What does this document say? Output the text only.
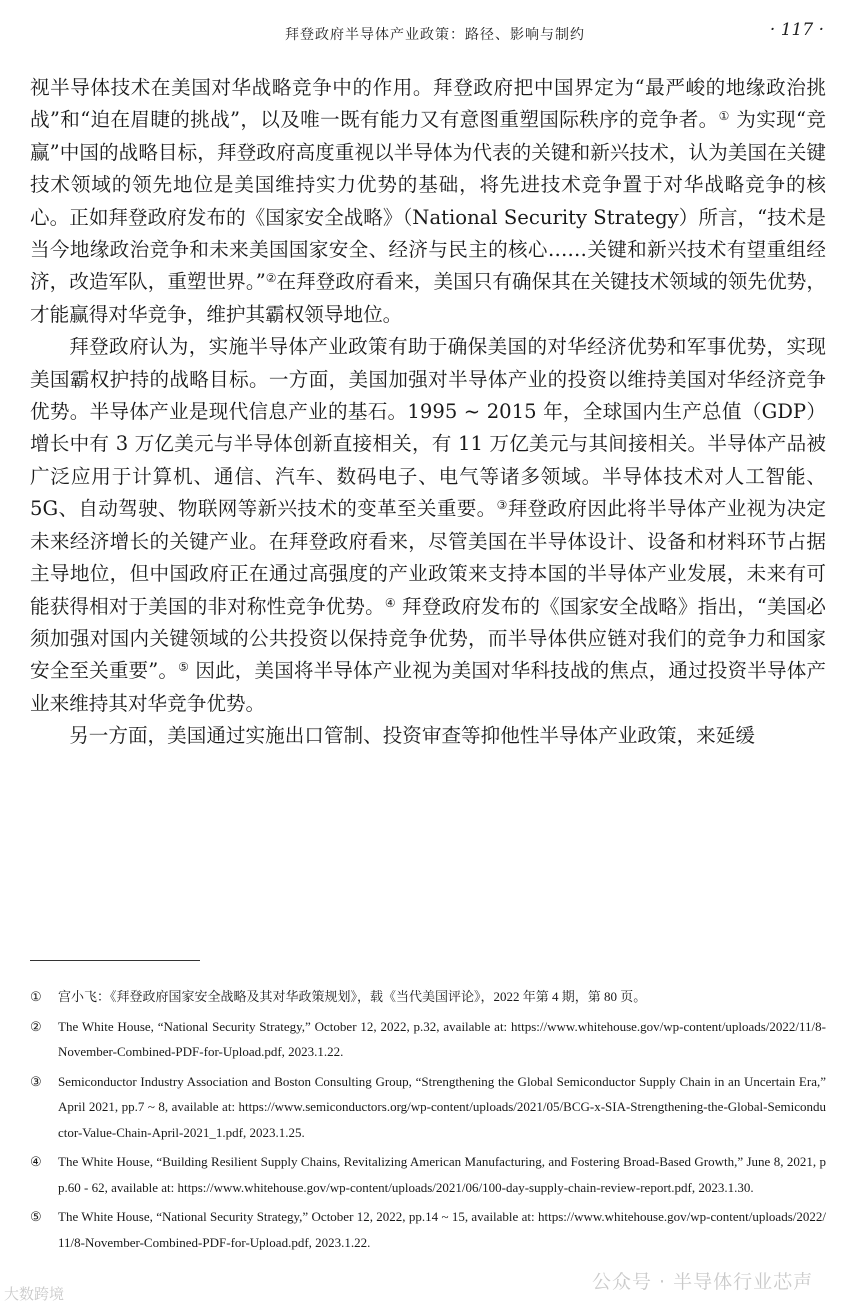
拜登政府半导体产业政策：路径、影响与制约	· 117 ·

视半导体技术在美国对华战略竞争中的作用。拜登政府把中国界定为“最严峻的地缘政治挑战”和“迫在眉睫的挑战”，以及唯一既有能力又有意图重塑国际秩序的竞争者。① 为实现“竞赢”中国的战略目标，拜登政府高度重视以半导体为代表的关键和新兴技术，认为美国在关键技术领域的领先地位是美国维持实力优势的基础，将先进技术竞争置于对华战略竞争的核心。正如拜登政府发布的《国家安全战略》（National Security Strategy）所言，“技术是当今地缘政治竞争和未来美国国家安全、经济与民主的核心……关键和新兴技术有望重组经济，改造军队，重塑世界。”②在拜登政府看来，美国只有确保其在关键技术领域的领先优势，才能赢得对华竞争，维护其霸权领导地位。

拜登政府认为，实施半导体产业政策有助于确保美国的对华经济优势和军事优势，实现美国霸权护持的战略目标。一方面，美国加强对半导体产业的投资以维持美国对华经济竞争优势。半导体产业是现代信息产业的基石。1995 ~ 2015 年，全球国内生产总值（GDP）增长中有 3 万亿美元与半导体创新直接相关，有 11 万亿美元与其间接相关。半导体产品被广泛应用于计算机、通信、汽车、数码电子、电气等诸多领域。半导体技术对人工智能、5G、自动驾驶、物联网等新兴技术的变革至关重要。③拜登政府因此将半导体产业视为决定未来经济增长的关键产业。在拜登政府看来，尽管美国在半导体设计、设备和材料环节占据主导地位，但中国政府正在通过高强度的产业政策来支持本国的半导体产业发展，未来有可能获得相对于美国的非对称性竞争优势。④ 拜登政府发布的《国家安全战略》指出，“美国必须加强对国内关键领域的公共投资以保持竞争优势，而半导体供应链对我们的竞争力和国家安全至关重要”。⑤ 因此，美国将半导体产业视为美国对华科技战的焦点，通过投资半导体产业来维持其对华竞争优势。

另一方面，美国通过实施出口管制、投资审查等抑他性半导体产业政策，来延缓

①	宫小飞：《拜登政府国家安全战略及其对华政策规划》，载《当代美国评论》，2022 年第 4 期，第 80 页。
②	The White House, “National Security Strategy,” October 12, 2022, p.32, available at: https://www.whitehouse.gov/wp-content/uploads/2022/11/8-November-Combined-PDF-for-Upload.pdf, 2023.1.22.
③	Semiconductor Industry Association and Boston Consulting Group, “Strengthening the Global Semiconductor Supply Chain in an Uncertain Era,” April 2021, pp.7 ~ 8, available at: https://www.semiconductors.org/wp-content/uploads/2021/05/BCG-x-SIA-Strengthening-the-Global-Semiconductor-Value-Chain-April-2021_1.pdf, 2023.1.25.
④	The White House, “Building Resilient Supply Chains, Revitalizing American Manufacturing, and Fostering Broad-Based Growth,” June 8, 2021, pp.60 - 62, available at: https://www.whitehouse.gov/wp-content/uploads/2021/06/100-day-supply-chain-review-report.pdf, 2023.1.30.
⑤	The White House, “National Security Strategy,” October 12, 2022, pp.14 ~ 15, available at: https://www.whitehouse.gov/wp-content/uploads/2022/11/8-November-Combined-PDF-for-Upload.pdf, 2023.1.22.
大数跨境
公众号 · 半导体行业芯声
